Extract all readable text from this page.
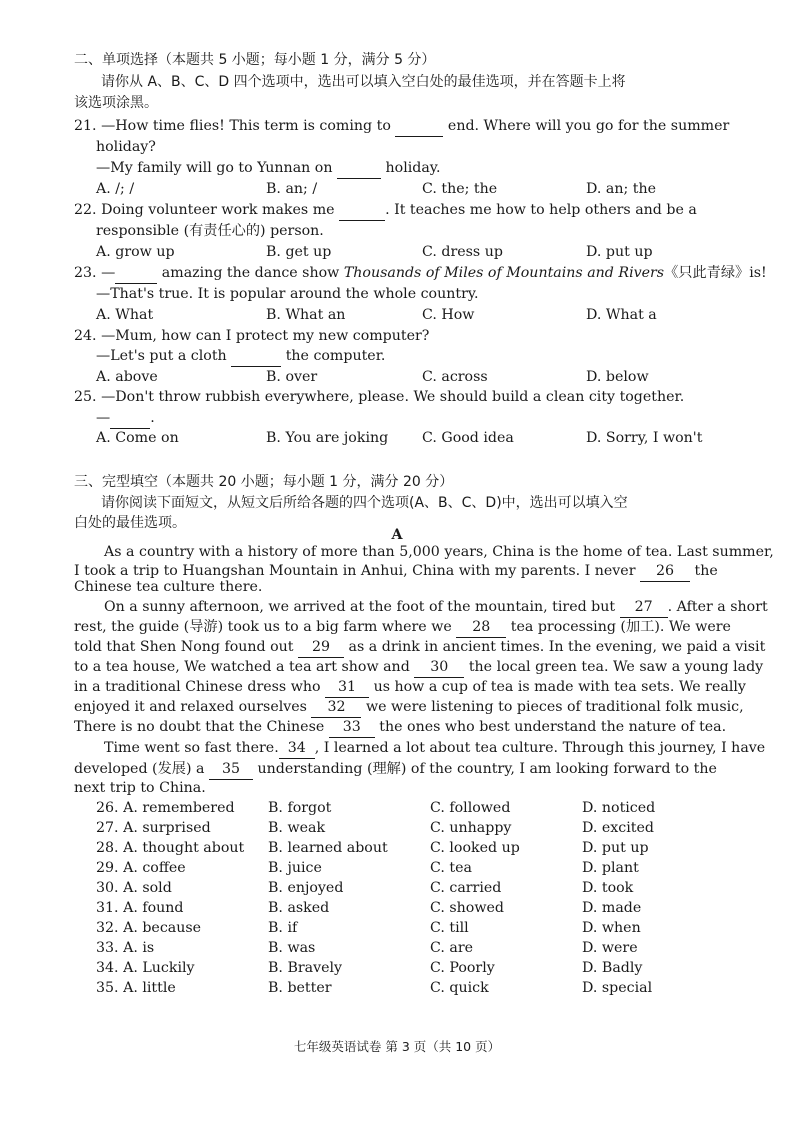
二、单项选择（本题共 5 小题；每小题 1 分，满分 5 分）
请你从 A、B、C、D 四个选项中，选出可以填入空白处的最佳选项，并在答题卡上将
该选项涂黑。
21. —How time flies! This term is coming to	end. Where will you go for the summer
holiday?
—My family will go to Yunnan on	holiday.
A. /; /	B. an; /	C. the; the	D. an; the
22. Doing volunteer work makes me	. It teaches me how to help others and be a
responsible (有责任心的) person.
A. grow up	B. get up	C. dress up	D. put up
23. —	amazing the dance show Thousands of Miles of Mountains and Rivers《只此青绿》is!
—That's true. It is popular around the whole country.
A. What	B. What an	C. How	D. What a
24. —Mum, how can I protect my new computer?
—Let's put a cloth	the computer.
A. above	B. over	C. across	D. below
25. —Don't throw rubbish everywhere, please. We should build a clean city together.
—	.
A. Come on	B. You are joking C. Good idea	D. Sorry, I won't
三、完型填空（本题共 20 小题；每小题 1 分，满分 20 分）
请你阅读下面短文，从短文后所给各题的四个选项(A、B、C、D)中，选出可以填入空
白处的最佳选项。
A
As a country with a history of more than 5,000 years, China is the home of tea. Last summer,
I took a trip to Huangshan Mountain in Anhui, China with my parents. I never 26 the
Chinese tea culture there.
On a sunny afternoon, we arrived at the foot of the mountain, tired but 27 . After a short
rest, the guide (导游) took us to a big farm where we 28 tea processing (加工). We were
told that Shen Nong found out 29 as a drink in ancient times. In the evening, we paid a visit
to a tea house, We watched a tea art show and 30 the local green tea. We saw a young lady
in a traditional Chinese dress who 31 us how a cup of tea is made with tea sets. We really
enjoyed it and relaxed ourselves 32 we were listening to pieces of traditional folk music,
There is no doubt that the Chinese 33 the ones who best understand the nature of tea.
Time went so fast there. 34 , I learned a lot about tea culture. Through this journey, I have
developed (发展) a 35 understanding (理解) of the country, I am looking forward to the
next trip to China.
26. A. remembered B. forgot	C. followed	D. noticed
27. A. surprised	B. weak	C. unhappy	D. excited
28. A. thought about B. learned about	C. looked up	D. put up
29. A. coffee	B. juice	C. tea	D. plant
30. A. sold	B. enjoyed	C. carried	D. took
31. A. found	B. asked	C. showed	D. made
32. A. because	B. if	C. till	D. when
33. A. is	B. was	C. are	D. were
34. A. Luckily	B. Bravely	C. Poorly	D. Badly
35. A. little	B. better	C. quick	D. special
七年级英语试卷 第 3 页（共 10 页）
